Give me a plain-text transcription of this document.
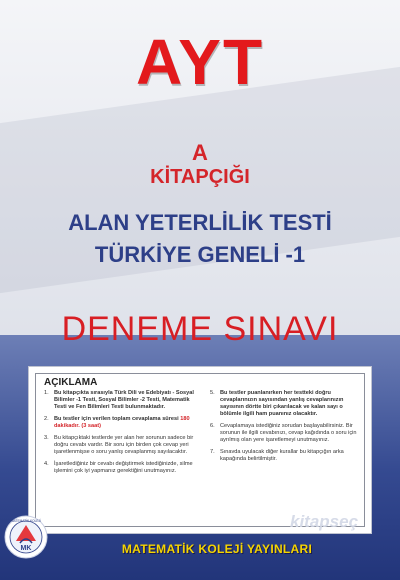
AYT
A
KİTAPÇIĞI
ALAN YETERLİLİK TESTİ
TÜRKİYE GENELİ -1
DENEME SINAVI
AÇIKLAMA
1. Bu kitapçıkta sırasıyla Türk Dili ve Edebiyatı - Sosyal Bilimler -1 Testi, Sosyal Bilimler -2 Testi, Matematik Testi ve Fen Bilimleri Testi bulunmaktadır.
2. Bu testler için verilen toplam cevaplama süresi 180 dakikadır. (3 saat)
3. Bu kitapçıktaki testlerde yer alan her sorunun sadece bir doğru cevabı vardır. Bir soru için birden çok cevap yeri işaretlenmişse o soru yanlış cevaplanmış sayılacaktır.
4. İşaretlediğiniz bir cevabı değiştirmek istediğinizde, silme işlemini çok iyi yapmanız gerektiğini unutmayınız.
5. Bu testler puanlanırken her testteki doğru cevaplarınızın sayısından yanlış cevaplarınızın sayısının dörtte biri çıkarılacak ve kalan sayı o bölümle ilgili ham puanınız olacaktır.
6. Cevaplamaya istediğiniz sorudan başlayabilirsiniz. Bir sorunun ile ilgili cevabınızı, cevap kağıdında o soru için ayrılmış olan yere işaretlemeyi unutmayınız.
7. Sınavda uyulacak diğer kurallar bu kitapçığın arka kapağında belirtilmiştir.
MK
MATEMATİK KOLEJİ	kitapseç
MATEMATİK KOLEJİ YAYINLARI
